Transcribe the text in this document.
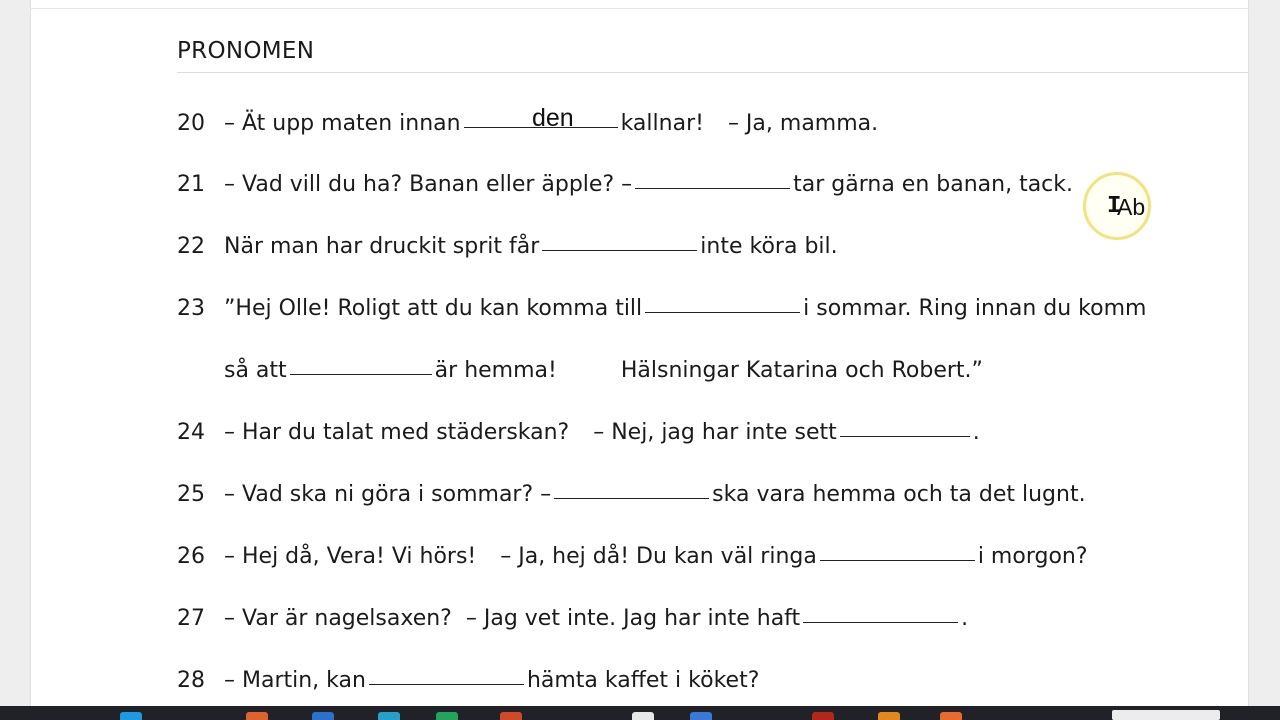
PRONOMEN
20 – Ät upp maten innan	kallnar! – Ja, mamma.
den
21 – Vad vill du ha? Banan eller äpple? –	tar gärna en banan, tack.
22 När man har druckit sprit får	inte köra bil.
23 ”Hej Olle! Roligt att du kan komma till	i sommar. Ring innan du komm
så att	är hemma!	Hälsningar Katarina och Robert.”
24 – Har du talat med städerskan? – Nej, jag har inte sett	.
25 – Vad ska ni göra i sommar? –	ska vara hemma och ta det lugnt.
26 – Hej då, Vera! Vi hörs! – Ja, hej då! Du kan väl ringa	i morgon?
27 – Var är nagelsaxen? – Jag vet inte. Jag har inte haft	.
28 – Martin, kan	hämta kaffet i köket?
I
Ab
